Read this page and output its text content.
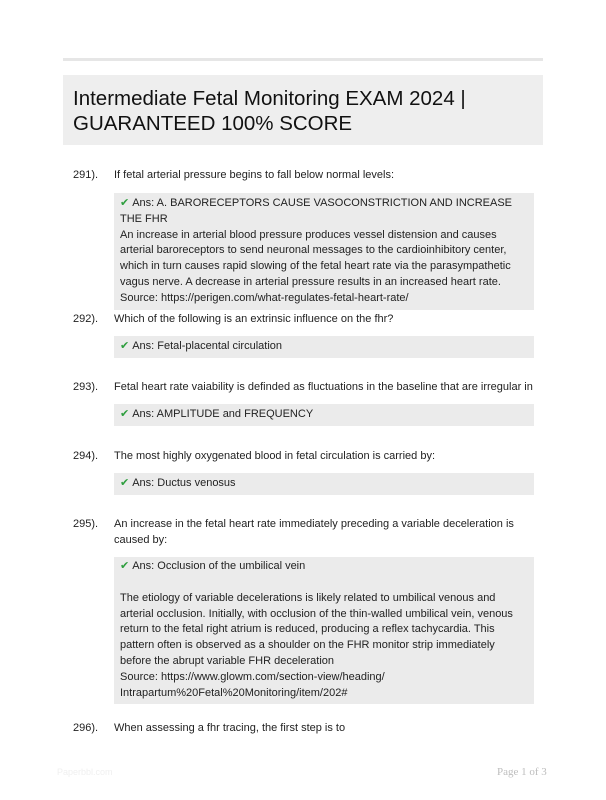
Intermediate Fetal Monitoring EXAM 2024 | GUARANTEED 100% SCORE
291). If fetal arterial pressure begins to fall below normal levels:
✔ Ans: A. BARORECEPTORS CAUSE VASOCONSTRICTION AND INCREASE THE FHR
An increase in arterial blood pressure produces vessel distension and causes arterial baroreceptors to send neuronal messages to the cardioinhibitory center, which in turn causes rapid slowing of the fetal heart rate via the parasympathetic vagus nerve. A decrease in arterial pressure results in an increased heart rate.
Source: https://perigen.com/what-regulates-fetal-heart-rate/
292). Which of the following is an extrinsic influence on the fhr?
✔ Ans: Fetal-placental circulation
293). Fetal heart rate vaiability is definded as fluctuations in the baseline that are irregular in
✔ Ans: AMPLITUDE and FREQUENCY
294). The most highly oxygenated blood in fetal circulation is carried by:
✔ Ans: Ductus venosus
295). An increase in the fetal heart rate immediately preceding a variable deceleration is caused by:
✔ Ans: Occlusion of the umbilical vein
The etiology of variable decelerations is likely related to umbilical venous and arterial occlusion. Initially, with occlusion of the thin-walled umbilical vein, venous return to the fetal right atrium is reduced, producing a reflex tachycardia. This pattern often is observed as a shoulder on the FHR monitor strip immediately before the abrupt variable FHR deceleration
Source: https://www.glowm.com/section-view/heading/ Intrapartum%20Fetal%20Monitoring/item/202#
296). When assessing a fhr tracing, the first step is to
Paperbbl.com	Page 1 of 3
